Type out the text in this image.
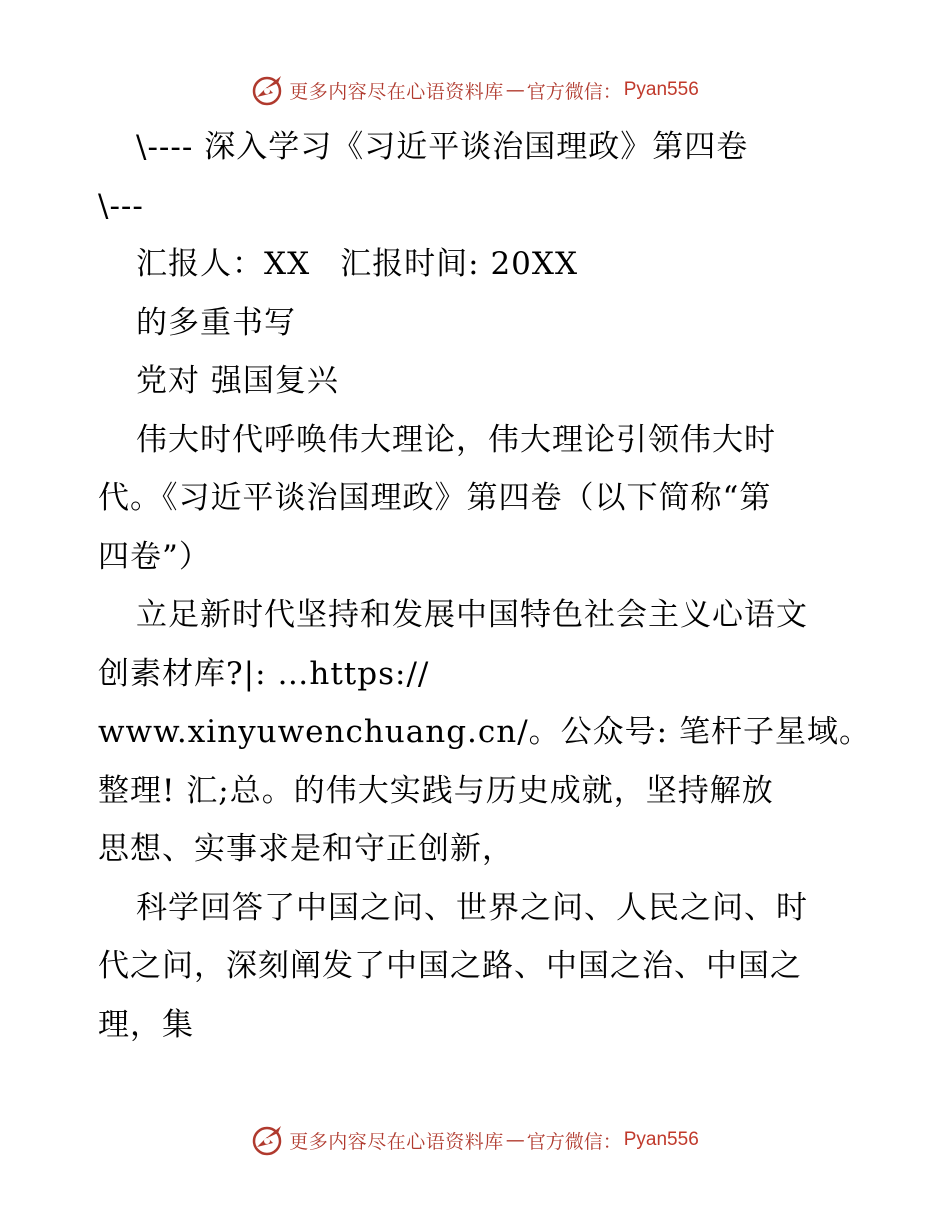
更多内容尽在心语资料库 — 官方微信： Pyan556
\---- 深入学习《习近平谈治国理政》第四卷
\---
汇报人：XX 汇报时间: 20XX
的多重书写
党对 强国复兴
伟大时代呼唤伟大理论，伟大理论引领伟大时
代。《习近平谈治国理政》第四卷（以下简称“第
四卷”）
立足新时代坚持和发展中国特色社会主义心语文
创素材库?|: …https://
www.xinyuwenchuang.cn/。公众号: 笔杆子星域。
整理! 汇;总。的伟大实践与历史成就，坚持解放
思想、实事求是和守正创新，
科学回答了中国之问、世界之问、人民之问、时
代之问，深刻阐发了中国之路、中国之治、中国之
理，集
更多内容尽在心语资料库 — 官方微信： Pyan556
